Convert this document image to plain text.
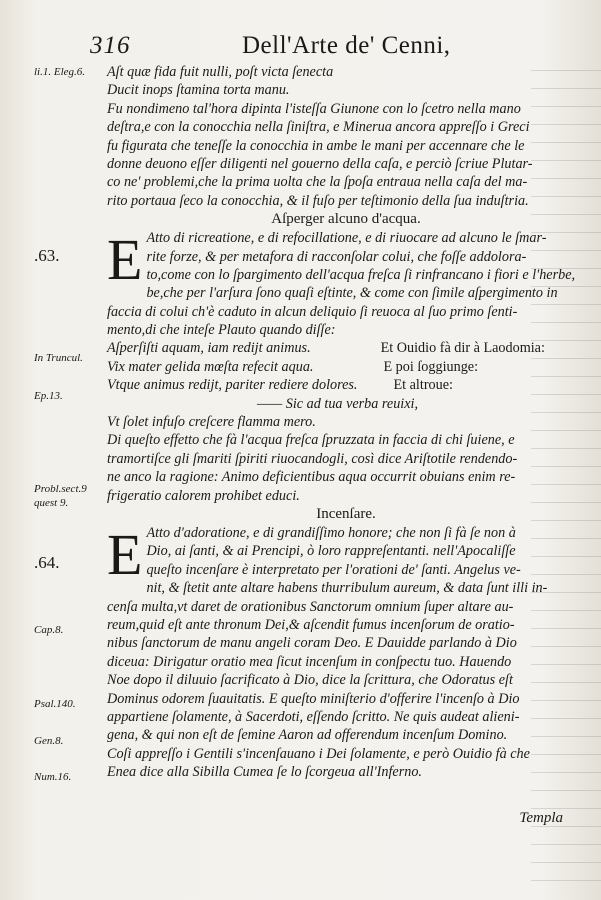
316	Dell'Arte de' Cenni,
li.1. Eleg.6.
.63.
In Truncul.
Ep.13.
Probl.sect.9 quest 9.
.64.
Cap.8.
Psal.140.
Gen.8.
Num.16.
Aſt quæ fida fuit nulli, poſt victa ſenecta
Ducit inops ſtamina torta manu.
Fu nondimeno tal'hora dipinta l'isteſſa Giunone con lo ſcetro nella mano
deſtra,e con la conocchia nella ſiniſtra, e Minerua ancora appreſſo i Greci
fu figurata che teneſſe la conocchia in ambe le mani per accennare che le
donne deuono eſſer diligenti nel gouerno della caſa, e perciò ſcriue Plutar-
co ne' problemi,che la prima uolta che la ſpoſa entraua nella caſa del ma-
rito portaua ſeco la conocchia, & il fuſo per teſtimonio della ſua induſtria.
Aſperger alcuno d'acqua.
E Atto di ricreatione, e di refocillatione, e di riuocare ad alcuno le ſmar-
rite forze, & per metafora di racconſolar colui, che foſſe addolora-
to,come con lo ſpargimento dell'acqua freſca ſi rinfrancano i fiori e l'herbe,
be,che per l'arſura ſono quaſi eſtinte, & come con ſimile aſpergimento in
faccia di colui ch'è caduto in alcun deliquio ſi reuoca al ſuo primo ſenti-
mento,di che inteſe Plauto quando diſſe:
Aſperſiſti aquam, iam redijt animus.	Et Ouidio fà dir à Laodomia:
Vix mater gelida mœſta refecit aqua.	E poi ſoggiunge:
Vtque animus redijt, pariter rediere dolores.	Et altroue:
—— Sic ad tua verba reuixi,
Vt ſolet infuſo creſcere flamma mero.
Di queſto effetto che fà l'acqua freſca ſpruzzata in faccia di chi ſuiene, e
tramortiſce gli ſmariti ſpiriti riuocandogli, così dice Ariſtotile rendendo-
ne anco la ragione: Animo deficientibus aqua occurrit obuians enim re-
frigeratio calorem prohibet educi.
Incenſare.
E Atto d'adoratione, e di grandiſſimo honore; che non ſi fà ſe non à
Dio, ai ſanti, & ai Prencipi, ò loro rappreſentanti. nell'Apocaliſſe
queſto incenſare è interpretato per l'orationi de' ſanti. Angelus ve-
nit, & ſtetit ante altare habens thurribulum aureum, & data ſunt illi in-
cenſa multa,vt daret de orationibus Sanctorum omnium ſuper altare au-
reum,quid eſt ante thronum Dei,& aſcendit fumus incenſorum de oratio-
nibus ſanctorum de manu angeli coram Deo. E Dauidde parlando à Dio
diceua: Dirigatur oratio mea ſicut incenſum in conſpectu tuo. Hauendo
Noe dopo il diluuio ſacrificato à Dio, dice la ſcrittura, che Odoratus eſt
Dominus odorem ſuauitatis. E queſto miniſterio d'offerire l'incenſo à Dio
appartiene ſolamente, à Sacerdoti, eſſendo ſcritto. Ne quis audeat alieni-
gena, & qui non eſt de ſemine Aaron ad offerendum incenſum Domino.
Coſi appreſſo i Gentili s'incenſauano i Dei ſolamente, e però Ouidio fà che
Enea dice alla Sibilla Cumea ſe lo ſcorgeua all'Inferno.
Templa
